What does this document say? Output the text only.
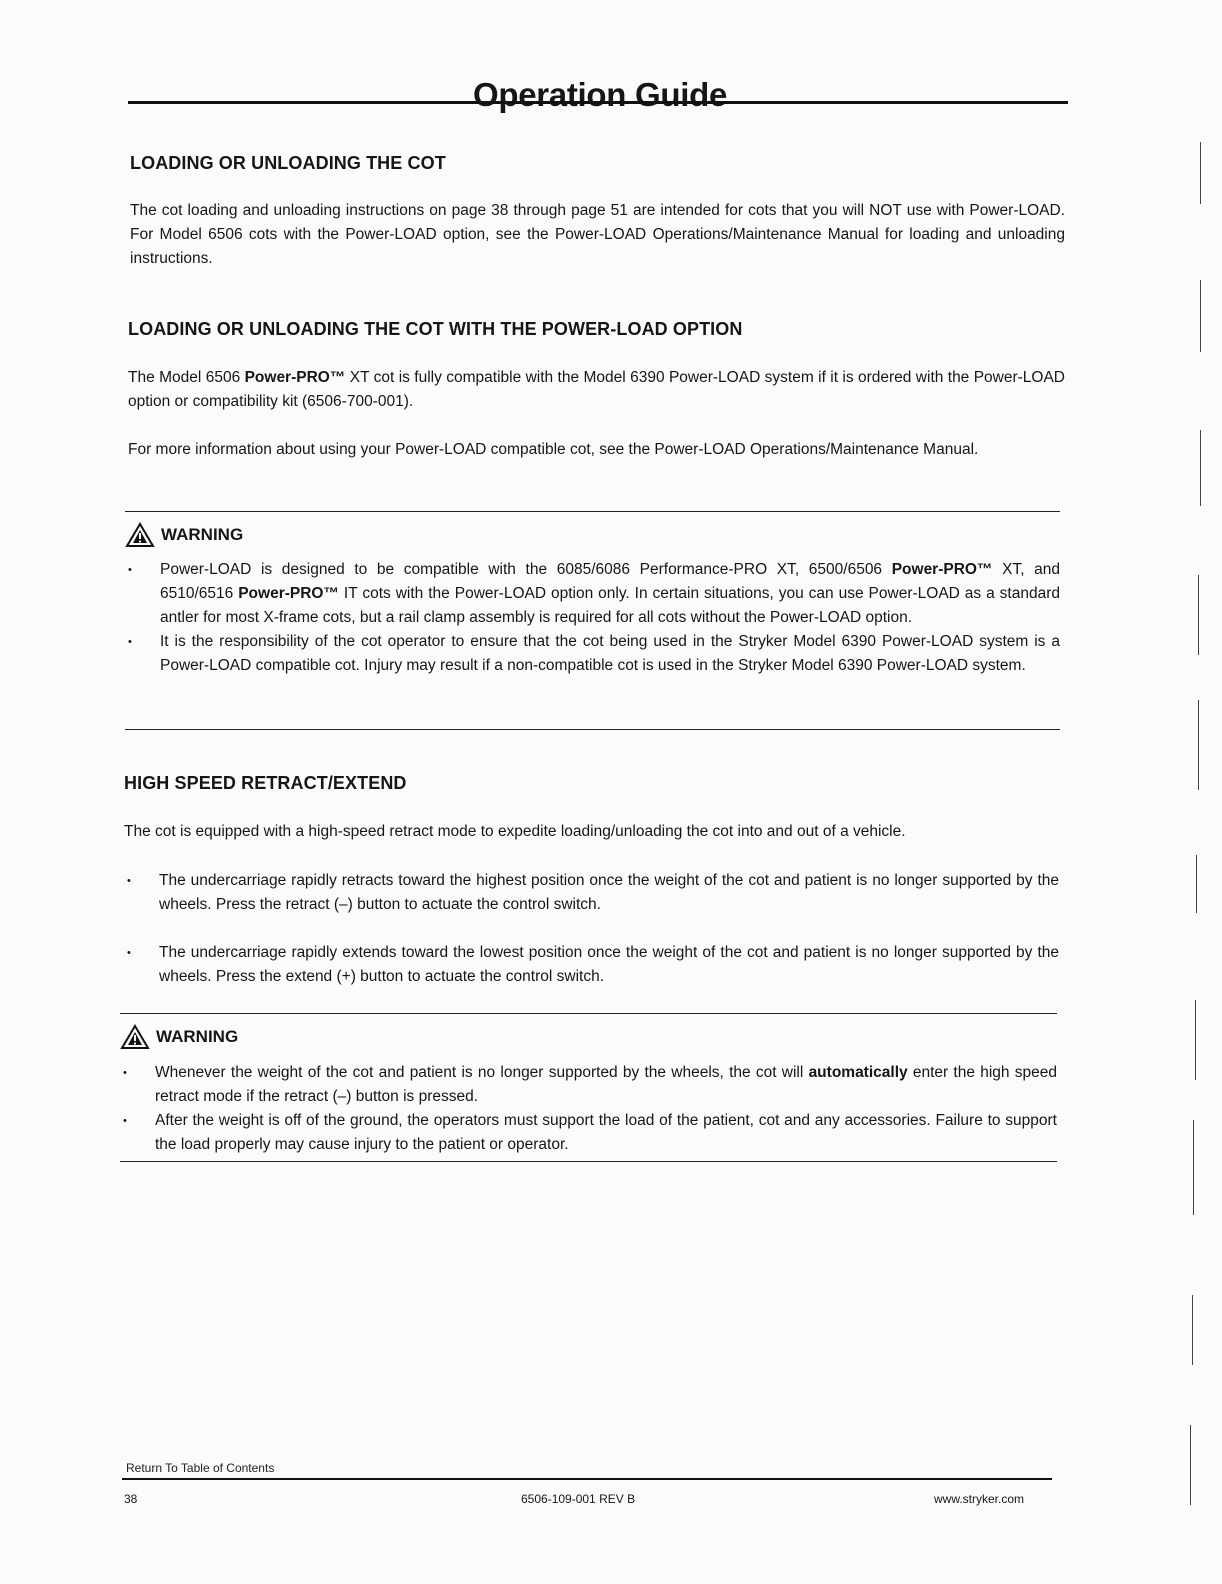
Operation Guide
LOADING OR UNLOADING THE COT
The cot loading and unloading instructions on page 38 through page 51 are intended for cots that you will NOT use with Power-LOAD. For Model 6506 cots with the Power-LOAD option, see the Power-LOAD Operations/Maintenance Manual for loading and unloading instructions.
LOADING OR UNLOADING THE COT WITH THE POWER-LOAD OPTION
The Model 6506 Power-PRO™ XT cot is fully compatible with the Model 6390 Power-LOAD system if it is ordered with the Power-LOAD option or compatibility kit (6506-700-001).
For more information about using your Power-LOAD compatible cot, see the Power-LOAD Operations/Maintenance Manual.
WARNING
• Power-LOAD is designed to be compatible with the 6085/6086 Performance-PRO XT, 6500/6506 Power-PRO™ XT, and 6510/6516 Power-PRO™ IT cots with the Power-LOAD option only. In certain situations, you can use Power-LOAD as a standard antler for most X-frame cots, but a rail clamp assembly is required for all cots without the Power-LOAD option.
• It is the responsibility of the cot operator to ensure that the cot being used in the Stryker Model 6390 Power-LOAD system is a Power-LOAD compatible cot. Injury may result if a non-compatible cot is used in the Stryker Model 6390 Power-LOAD system.
HIGH SPEED RETRACT/EXTEND
The cot is equipped with a high-speed retract mode to expedite loading/unloading the cot into and out of a vehicle.
• The undercarriage rapidly retracts toward the highest position once the weight of the cot and patient is no longer supported by the wheels. Press the retract (–) button to actuate the control switch.
• The undercarriage rapidly extends toward the lowest position once the weight of the cot and patient is no longer supported by the wheels. Press the extend (+) button to actuate the control switch.
WARNING
• Whenever the weight of the cot and patient is no longer supported by the wheels, the cot will automatically enter the high speed retract mode if the retract (–) button is pressed.
• After the weight is off of the ground, the operators must support the load of the patient, cot and any accessories. Failure to support the load properly may cause injury to the patient or operator.
Return To Table of Contents
38	6506-109-001 REV B	www.stryker.com
